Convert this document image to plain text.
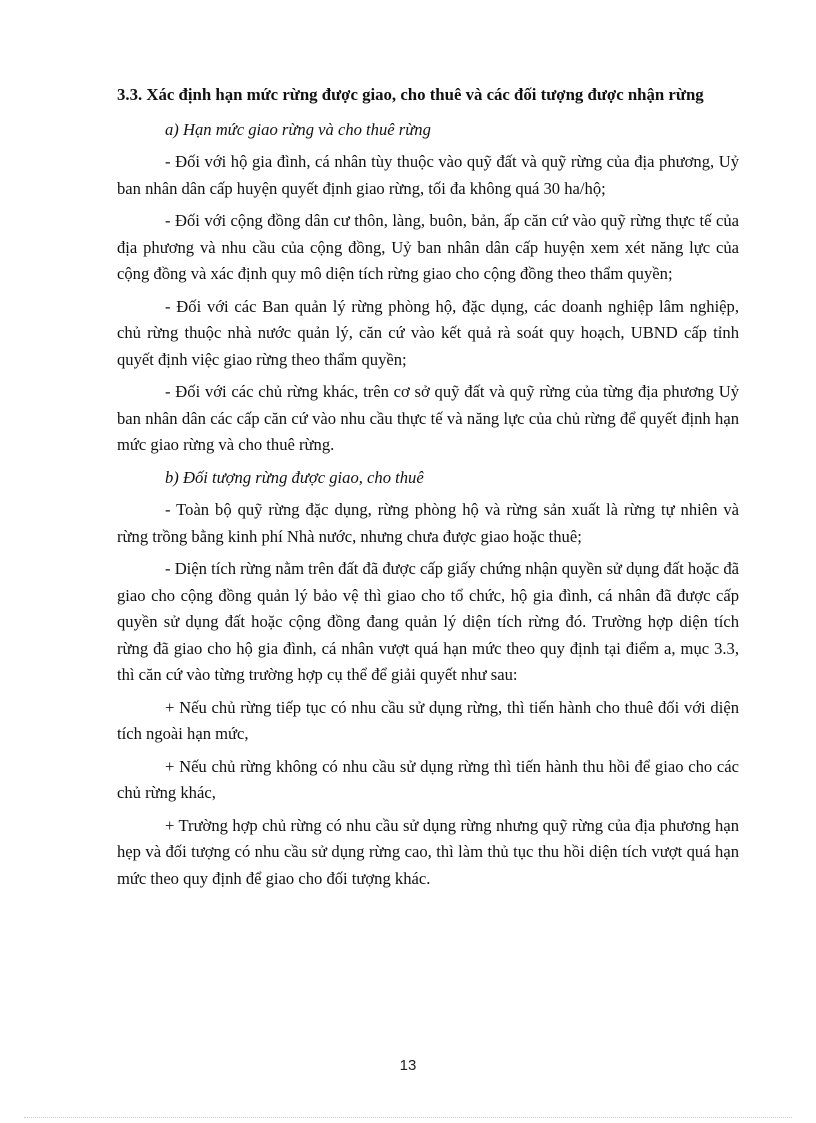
3.3. Xác định hạn mức rừng được giao, cho thuê và các đối tượng được nhận rừng

a) Hạn mức giao rừng và cho thuê rừng

- Đối với hộ gia đình, cá nhân tùy thuộc vào quỹ đất và quỹ rừng của địa phương, Uỷ ban nhân dân cấp huyện quyết định giao rừng, tối đa không quá 30 ha/hộ;

- Đối với cộng đồng dân cư thôn, làng, buôn, bản, ấp căn cứ vào quỹ rừng thực tế của địa phương và nhu cầu của cộng đồng, Uỷ ban nhân dân cấp huyện xem xét năng lực của cộng đồng và xác định quy mô diện tích rừng giao cho cộng đồng theo thẩm quyền;

- Đối với các Ban quản lý rừng phòng hộ, đặc dụng, các doanh nghiệp lâm nghiệp, chủ rừng thuộc nhà nước quản lý, căn cứ vào kết quả rà soát quy hoạch, UBND cấp tỉnh quyết định việc giao rừng theo thẩm quyền;

- Đối với các chủ rừng khác, trên cơ sở quỹ đất và quỹ rừng của từng địa phương Uỷ ban nhân dân các cấp căn cứ vào nhu cầu thực tế và năng lực của chủ rừng để quyết định hạn mức giao rừng và cho thuê rừng.

b) Đối tượng rừng được giao, cho thuê

- Toàn bộ quỹ rừng đặc dụng, rừng phòng hộ và rừng sản xuất là rừng tự nhiên và rừng trồng bằng kinh phí Nhà nước, nhưng chưa được giao hoặc thuê;

- Diện tích rừng nằm trên đất đã được cấp giấy chứng nhận quyền sử dụng đất hoặc đã giao cho cộng đồng quản lý bảo vệ thì giao cho tổ chức, hộ gia đình, cá nhân đã được cấp quyền sử dụng đất hoặc cộng đồng đang quản lý diện tích rừng đó. Trường hợp diện tích rừng đã giao cho hộ gia đình, cá nhân vượt quá hạn mức theo quy định tại điểm a, mục 3.3, thì căn cứ vào từng trường hợp cụ thể để giải quyết như sau:

+ Nếu chủ rừng tiếp tục có nhu cầu sử dụng rừng, thì tiến hành cho thuê đối với diện tích ngoài hạn mức,

+ Nếu chủ rừng không có nhu cầu sử dụng rừng thì tiến hành thu hồi để giao cho các chủ rừng khác,

+ Trường hợp chủ rừng có nhu cầu sử dụng rừng nhưng quỹ rừng của địa phương hạn hẹp và đối tượng có nhu cầu sử dụng rừng cao, thì làm thủ tục thu hồi diện tích vượt quá hạn mức theo quy định để giao cho đối tượng khác.

13
